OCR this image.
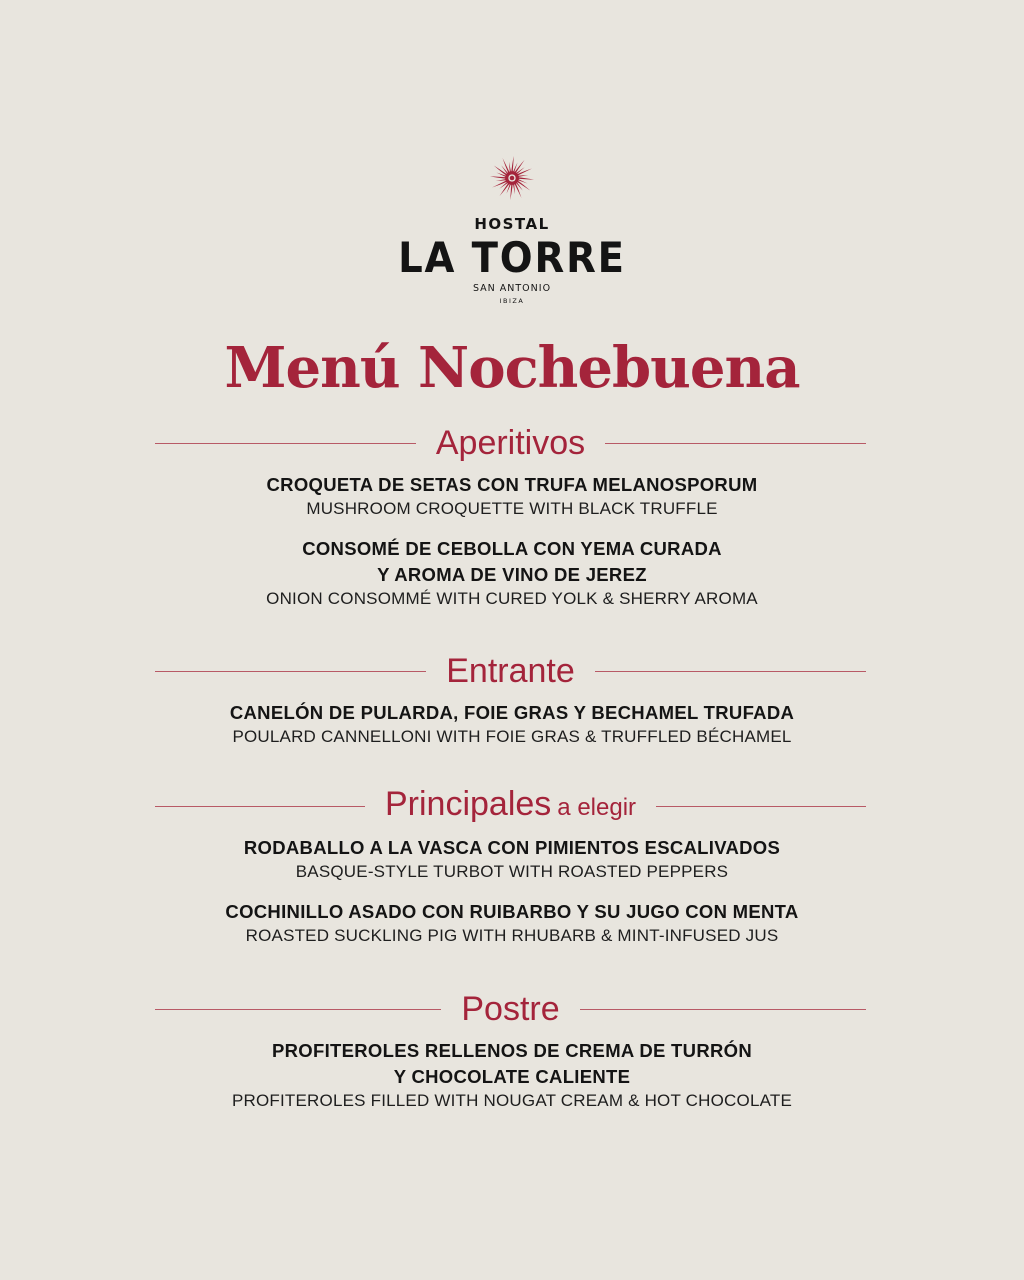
HOSTAL
LA TORRE
SAN ANTONIO
IBIZA
Menú Nochebuena
Aperitivos
CROQUETA DE SETAS CON TRUFA MELANOSPORUM
MUSHROOM CROQUETTE WITH BLACK TRUFFLE
CONSOMÉ DE CEBOLLA CON YEMA CURADA
Y AROMA DE VINO DE JEREZ
ONION CONSOMMÉ WITH CURED YOLK & SHERRY AROMA
Entrante
CANELÓN DE PULARDA, FOIE GRAS Y BECHAMEL TRUFADA
POULARD CANNELLONI WITH FOIE GRAS & TRUFFLED BÉCHAMEL
Principales a elegir
RODABALLO A LA VASCA CON PIMIENTOS ESCALIVADOS
BASQUE-STYLE TURBOT WITH ROASTED PEPPERS
COCHINILLO ASADO CON RUIBARBO Y SU JUGO CON MENTA
ROASTED SUCKLING PIG WITH RHUBARB & MINT-INFUSED JUS
Postre
PROFITEROLES RELLENOS DE CREMA DE TURRÓN
Y CHOCOLATE CALIENTE
PROFITEROLES FILLED WITH NOUGAT CREAM & HOT CHOCOLATE
